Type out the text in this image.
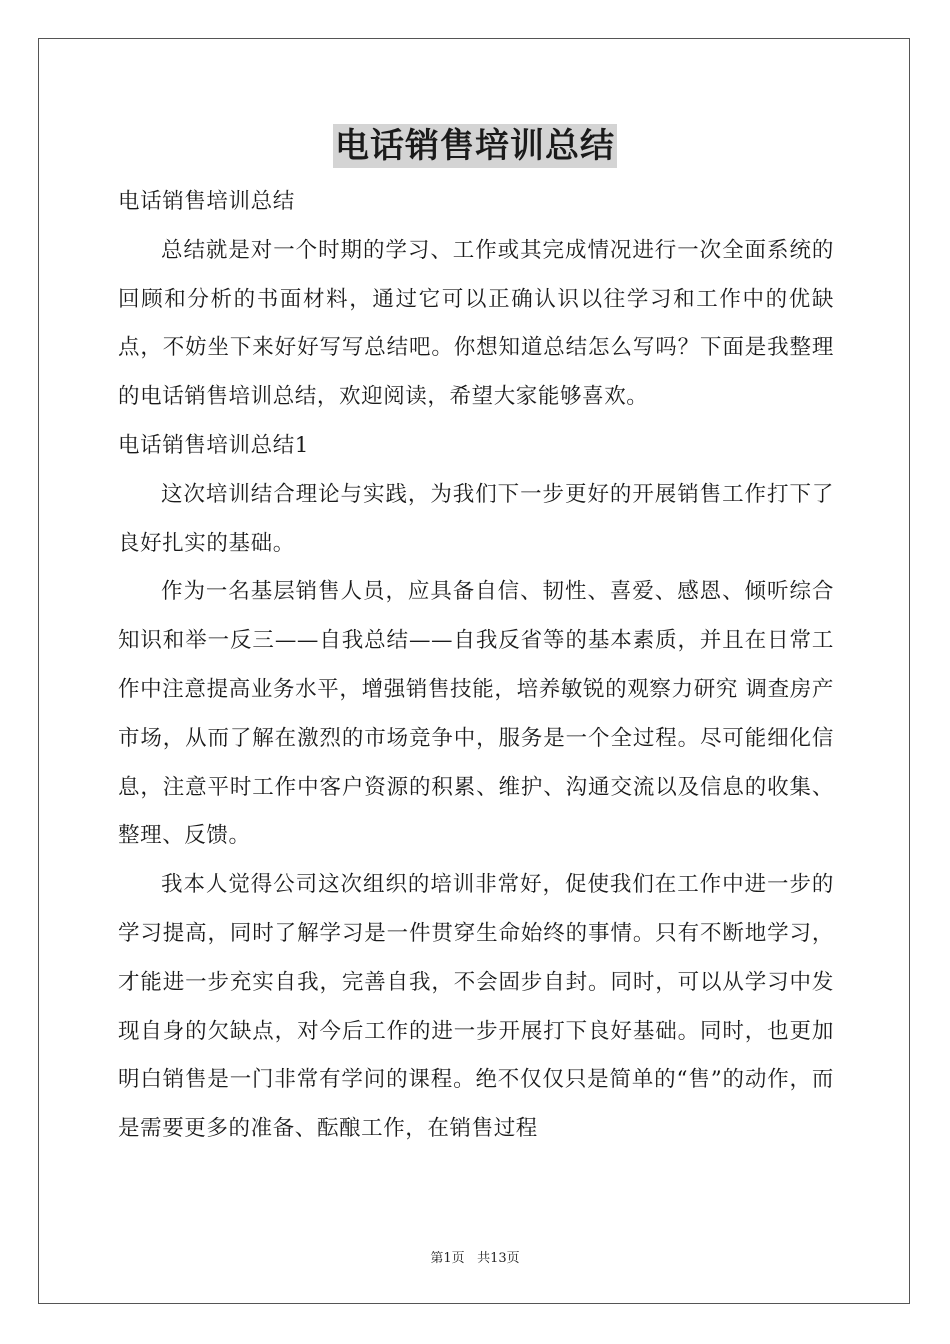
电话销售培训总结

电话销售培训总结

总结就是对一个时期的学习、工作或其完成情况进行一次全面系统的回顾和分析的书面材料，通过它可以正确认识以往学习和工作中的优缺点，不妨坐下来好好写写总结吧。你想知道总结怎么写吗？下面是我整理的电话销售培训总结，欢迎阅读，希望大家能够喜欢。

电话销售培训总结1

这次培训结合理论与实践，为我们下一步更好的开展销售工作打下了良好扎实的基础。

作为一名基层销售人员，应具备自信、韧性、喜爱、感恩、倾听综合知识和举一反三——自我总结——自我反省等的基本素质，并且在日常工作中注意提高业务水平，增强销售技能，培养敏锐的观察力研究 调查房产市场，从而了解在激烈的市场竞争中，服务是一个全过程。尽可能细化信息，注意平时工作中客户资源的积累、维护、沟通交流以及信息的收集、整理、反馈。

我本人觉得公司这次组织的培训非常好，促使我们在工作中进一步的学习提高，同时了解学习是一件贯穿生命始终的事情。只有不断地学习，才能进一步充实自我，完善自我，不会固步自封。同时，可以从学习中发现自身的欠缺点，对今后工作的进一步开展打下良好基础。同时，也更加明白销售是一门非常有学问的课程。绝不仅仅只是简单的“售”的动作，而是需要更多的准备、酝酿工作，在销售过程

第1页 共13页
